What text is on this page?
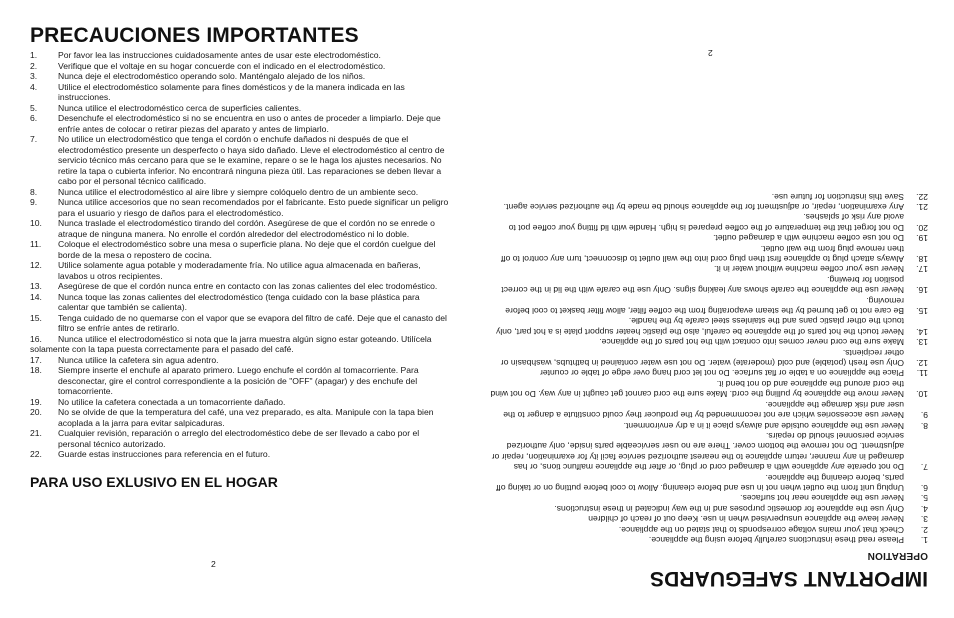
PRECAUCIONES IMPORTANTES
1.	Por favor lea las instrucciones cuidadosamente antes de usar este electrodoméstico.
2.	Verifique que el voltaje en su hogar concuerde con el indicado en el electrodoméstico.
3.	Nunca deje el electrodoméstico operando solo. Manténgalo alejado de los niños.
4.	Utilice el electrodoméstico solamente para fines domésticos y de la manera indicada en las instrucciones.
5.	Nunca utilice el electrodoméstico cerca de superficies calientes.
6.	Desenchufe el electrodoméstico si no se encuentra en uso o antes de proceder a limpiarlo. Deje que enfríe antes de colocar o retirar piezas del aparato y antes de limpiarlo.
7.	No utilice un electrodoméstico que tenga el cordón o enchufe dañados ni después de que el electrodoméstico presente un desperfecto o haya sido dañado. Lleve el electrodoméstico al centro de servicio técnico más cercano para que se le examine, repare o se le haga los ajustes necesarios. No retire la tapa o cubierta inferior. No encontrará ninguna pieza útil. Las reparaciones se deben llevar a cabo por el personal técnico calificado.
8.	Nunca utilice el electrodoméstico al aire libre y siempre colóquelo dentro de un ambiente seco.
9.	Nunca utilice accesorios que no sean recomendados por el fabricante. Esto puede significar un peligro para el usuario y riesgo de daños para el electrodoméstico.
10.	Nunca traslade el electrodoméstico tirando del cordón. Asegúrese de que el cordón no se enrede o atraque de ninguna manera. No enrolle el cordón alrededor del electrodoméstico ni lo doble.
11.	Coloque el electrodoméstico sobre una mesa o superficie plana. No deje que el cordón cuelgue del borde de la mesa o repostero de cocina.
12.	Utilice solamente agua potable y moderadamente fría. No utilice agua almacenada en bañeras, lavabos u otros recipientes.
13.	Asegúrese de que el cordón nunca entre en contacto con las zonas calientes del elec trodoméstico.
14.	Nunca toque las zonas calientes del electrodoméstico (tenga cuidado con la base plástica para calentar que también se calienta).
15.	Tenga cuidado de no quemarse con el vapor que se evapora del filtro de café. Deje que el canasto del filtro se enfríe antes de retirarlo.
16. Nunca utilice el electrodoméstico si nota que la jarra muestra algún signo estar goteando. Utilícela solamente con la tapa puesta correctamente para el pasado del café.
17.	Nunca utilice la cafetera sin agua adentro.
18.	Siempre inserte el enchufe al aparato primero. Luego enchufe el cordón al tomacorriente. Para desconectar, gire el control correspondiente a la posición de "OFF" (apagar) y des enchufe del tomacorriente.
19.	No utilice la cafetera conectada a un tomacorriente dañado.
20.	No se olvide de que la temperatura del café, una vez preparado, es alta. Manipule con la tapa bien acoplada a la jarra para evitar salpicaduras.
21.	Cualquier revisión, reparación o arreglo del electrodoméstico debe de ser llevado a cabo por el personal técnico autorizado.
22.	Guarde estas instrucciones para referencia en el futuro.
PARA USO EXLUSIVO EN EL HOGAR
2
IMPORTANT SAFEGUARDS
OPERATION
1.
Please read these instructions carefully before using the appliance.
2.
Check that your mains voltage corresponds to that stated on the appliance.
3.
Never leave the appliance unsupervised when in use. Keep out of reach of children
4.
Only use the appliance for domestic purposes and in the way indicated in these instructions.
5.
Never use the appliance near hot surfaces.
6.
Unplug unit from the outlet when not in use and before cleaning. Allow to cool before putting on or taking off parts, before cleaning the appliance.
7.
Do not operate any appliance with a damaged cord or plug, or after the appliance malfunc tions, or has damaged in any manner, return appliance to the nearest authorized service facil ity for examination, repair or adjustment. Do not remove the bottom cover. There are no user serviceable parts inside, only authorized service personnel should do repairs.
8.
Never use the appliance outside and always place it in a dry environment.
9.
Never use accessories which are not recommended by the producer they could constitute a danger to the user and risk damage the appliance.
10.
Never move the appliance by pulling the cord. Make sure the cord cannot get caught in any way. Do not wind the cord around the appliance and do not bend it.
11.
Place the appliance on a table or flat surface. Do not let cord hang over edge of table or counter
12.
Only use fresh (potable) and cold (moderate) water. Do not use water contained in bathtubs, washbasin or other recipients.
13.
Make sure the cord never comes into contact with the hot parts of the appliance.
14.
Never touch the hot parts of the appliance be careful, also the plastic heater support plate is a hot part, only touch the other plastic pans and the stainless steel carafe by the handle.
15.
Be care not to get burned by the steam evaporating from the coffee filter, allow filter basket to cool before removing.
16.
Never use the appliance the carafe shows any leaking signs. Only use the carafe with the lid in the correct position for brewing.
17.
Never use your coffee machine without water in it.
18.
Always attach plug to appliance first then plug cord into the wall outlet to disconnect, turn any control to off then remove plug from the wall outlet.
19.
Do not use coffee machine with a damaged outlet.
20.
Do not forget that the temperature of the coffee prepared is high. Handle with lid fitting your coffee pot to avoid any risk of splashes.
21.
Any examination, repair, or adjustment for the appliance should be made by the authorized service agent.
22.
Save this instruction for future use.
2
